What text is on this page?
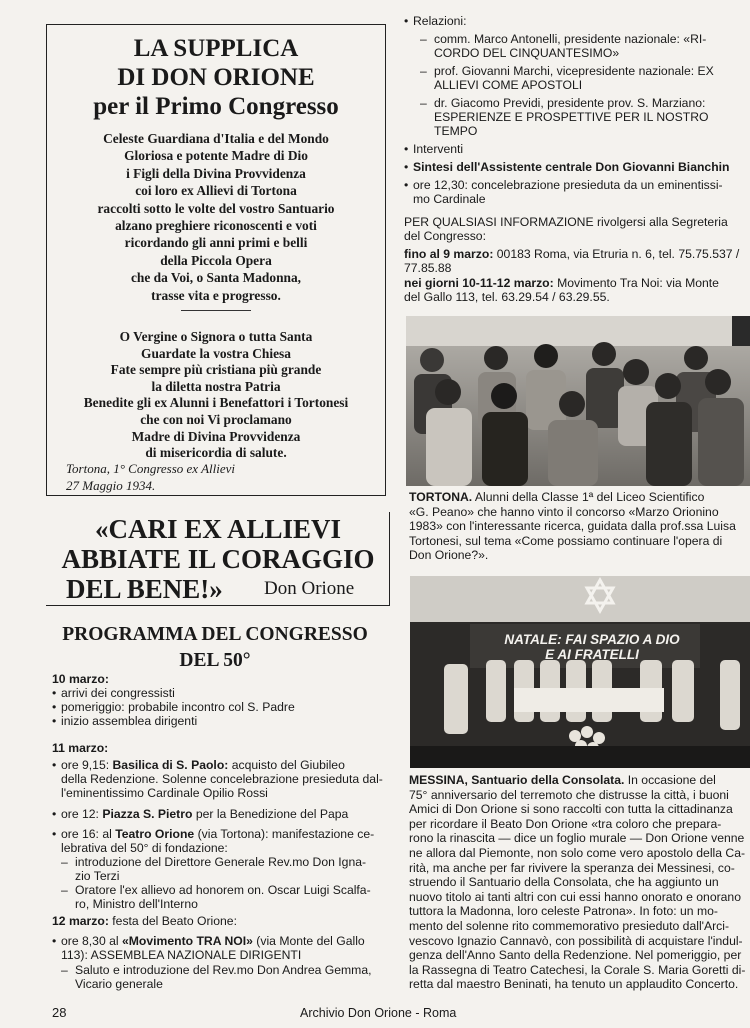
LA SUPPLICA
DI DON ORIONE
per il Primo Congresso
Celeste Guardiana d'Italia e del Mondo
Gloriosa e potente Madre di Dio
i Figli della Divina Provvidenza
coi loro ex Allievi di Tortona
raccolti sotto le volte del vostro Santuario
alzano preghiere riconoscenti e voti
ricordando gli anni primi e belli
della Piccola Opera
che da Voi, o Santa Madonna,
trasse vita e progresso.
O Vergine o Signora o tutta Santa
Guardate la vostra Chiesa
Fate sempre più cristiana più grande
la diletta nostra Patria
Benedite gli ex Alunni i Benefattori i Tortonesi
che con noi Vi proclamano
Madre di Divina Provvidenza
di misericordia di salute.
Tortona, 1° Congresso ex Allievi
27 Maggio 1934.
«CARI EX ALLIEVI
ABBIATE IL CORAGGIO
DEL BENE!»	Don Orione
PROGRAMMA DEL CONGRESSO
DEL 50°
10 marzo:
• arrivi dei congressisti
• pomeriggio: probabile incontro col S. Padre
• inizio assemblea dirigenti
11 marzo:
• ore 9,15: Basilica di S. Paolo: acquisto del Giubileo
della Redenzione. Solenne concelebrazione presieduta dal-
l'eminentissimo Cardinale Opilio Rossi
• ore 12: Piazza S. Pietro per la Benedizione del Papa
• ore 16: al Teatro Orione (via Tortona): manifestazione ce-
lebrativa del 50° di fondazione:
– introduzione del Direttore Generale Rev.mo Don Igna-
zio Terzi
– Oratore l'ex allievo ad honorem on. Oscar Luigi Scalfa-
ro, Ministro dell'Interno
12 marzo: festa del Beato Orione:
• ore 8,30 al «Movimento TRA NOI» (via Monte del Gallo
113): ASSEMBLEA NAZIONALE DIRIGENTI
– Saluto e introduzione del Rev.mo Don Andrea Gemma,
Vicario generale
• Relazioni:
– comm. Marco Antonelli, presidente nazionale: «RI-
CORDO DEL CINQUANTESIMO»
– prof. Giovanni Marchi, vicepresidente nazionale: EX
ALLIEVI COME APOSTOLI
– dr. Giacomo Previdi, presidente prov. S. Marziano:
ESPERIENZE E PROSPETTIVE PER IL NOSTRO
TEMPO
• Interventi
• Sintesi dell'Assistente centrale Don Giovanni Bianchin
• ore 12,30: concelebrazione presieduta da un eminentissi-
mo Cardinale
PER QUALSIASI INFORMAZIONE rivolgersi alla Segreteria
del Congresso:
fino al 9 marzo: 00183 Roma, via Etruria n. 6, tel. 75.75.537 /
77.85.88
nei giorni 10-11-12 marzo: Movimento Tra Noi: via Monte
del Gallo 113, tel. 63.29.54 / 63.29.55.
TORTONA. Alunni della Classe 1ª del Liceo Scientifico
«G. Peano» che hanno vinto il concorso «Marzo Orionino
1983» con l'interessante ricerca, guidata dalla prof.ssa Luisa
Tortonesi, sul tema «Come possiamo continuare l'opera di
Don Orione?».
NATALE: FAI SPAZIO A DIO
E AI FRATELLI
MESSINA, Santuario della Consolata. In occasione del
75° anniversario del terremoto che distrusse la città, i buoni
Amici di Don Orione si sono raccolti con tutta la cittadinanza
per ricordare il Beato Don Orione «tra coloro che prepara-
rono la rinascita — dice un foglio murale — Don Orione venne
ne allora dal Piemonte, non solo come vero apostolo della Ca-
rità, ma anche per far rivivere la speranza dei Messinesi, co-
struendo il Santuario della Consolata, che ha aggiunto un
nuovo titolo ai tanti altri con cui essi hanno onorato e onorano
tuttora la Madonna, loro celeste Patrona». In foto: un mo-
mento del solenne rito commemorativo presieduto dall'Arci-
vescovo Ignazio Cannavò, con possibilità di acquistare l'indul-
genza dell'Anno Santo della Redenzione. Nel pomeriggio, per
la Rassegna di Teatro Catechesi, la Corale S. Maria Goretti di-
retta dal maestro Beninati, ha tenuto un applaudito Concerto.
28	Archivio Don Orione - Roma
